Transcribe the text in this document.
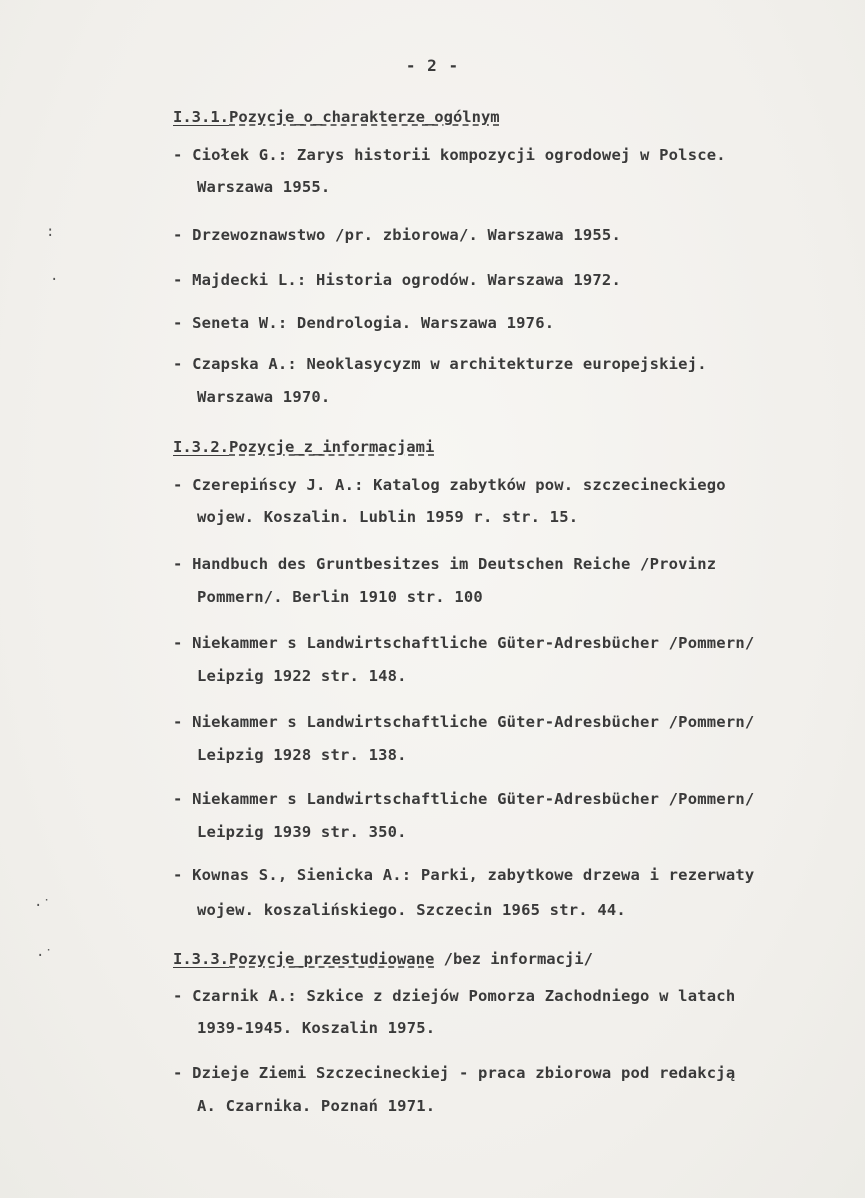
- 2 -
I.3.1.Pozycje_o_charakterze_ogólnym
- Ciołek G.: Zarys historii kompozycji ogrodowej w Polsce.
Warszawa 1955.
- Drzewoznawstwo /pr. zbiorowa/. Warszawa 1955.
- Majdecki L.: Historia ogrodów. Warszawa 1972.
- Seneta W.: Dendrologia. Warszawa 1976.
- Czapska A.: Neoklasycyzm w architekturze europejskiej.
Warszawa 1970.
I.3.2.Pozycje_z_informacjami
- Czerepińscy J. A.: Katalog zabytków pow. szczecineckiego
wojew. Koszalin. Lublin 1959 r. str. 15.
- Handbuch des Gruntbesitzes im Deutschen Reiche /Provinz
Pommern/. Berlin 1910 str. 100
- Niekammer s Landwirtschaftliche Güter-Adresbücher /Pommern/
Leipzig 1922 str. 148.
- Niekammer s Landwirtschaftliche Güter-Adresbücher /Pommern/
Leipzig 1928 str. 138.
- Niekammer s Landwirtschaftliche Güter-Adresbücher /Pommern/
Leipzig 1939 str. 350.
- Kownas S., Sienicka A.: Parki, zabytkowe drzewa i rezerwaty
wojew. koszalińskiego. Szczecin 1965 str. 44.
I.3.3.Pozycje_przestudiowane /bez informacji/
- Czarnik A.: Szkice z dziejów Pomorza Zachodniego w latach
1939-1945. Koszalin 1975.
- Dzieje Ziemi Szczecineckiej - praca zbiorowa pod redakcją
A. Czarnika. Poznań 1971.
:
·
·˙
·˙
